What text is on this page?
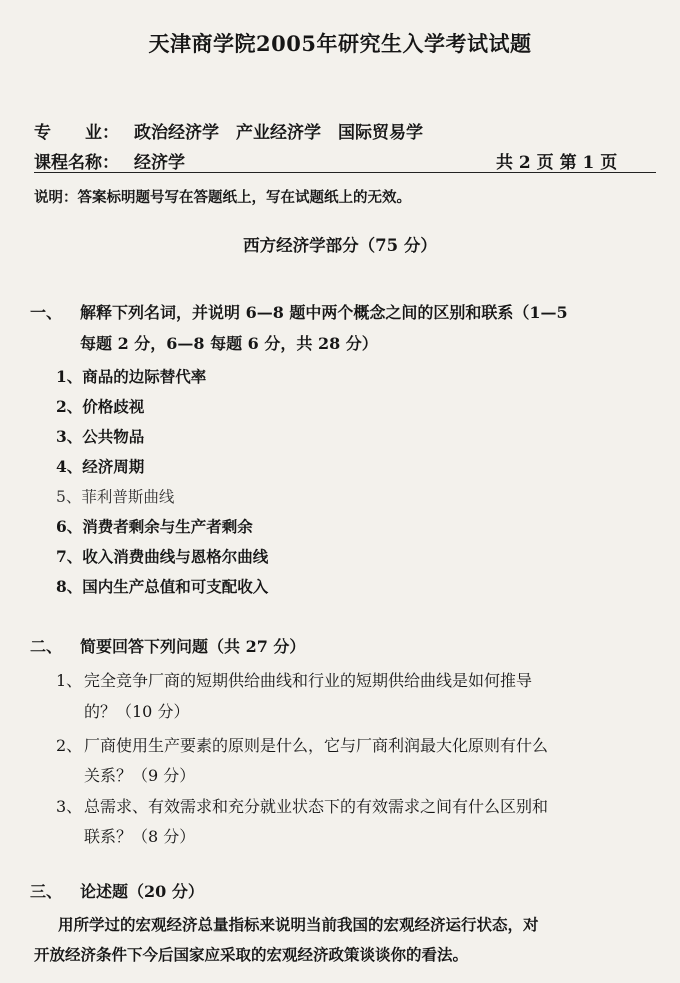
天津商学院2005年研究生入学考试试题
专　　业： 政治经济学　产业经济学　国际贸易学
课程名称： 经济学	共 2 页 第 1 页
说明：答案标明题号写在答题纸上，写在试题纸上的无效。
西方经济学部分（75 分）
一、 解释下列名词，并说明 6—8 题中两个概念之间的区别和联系（1—5
每题 2 分，6—8 每题 6 分，共 28 分）
1、商品的边际替代率
2、价格歧视
3、公共物品
4、经济周期
5、菲利普斯曲线
6、消费者剩余与生产者剩余
7、收入消费曲线与恩格尔曲线
8、国内生产总值和可支配收入
二、 简要回答下列问题（共 27 分）
1、 完全竞争厂商的短期供给曲线和行业的短期供给曲线是如何推导
的？（10 分）
2、 厂商使用生产要素的原则是什么，它与厂商利润最大化原则有什么
关系？（9 分）
3、 总需求、有效需求和充分就业状态下的有效需求之间有什么区别和
联系？（8 分）
三、 论述题（20 分）
用所学过的宏观经济总量指标来说明当前我国的宏观经济运行状态，对
开放经济条件下今后国家应采取的宏观经济政策谈谈你的看法。
